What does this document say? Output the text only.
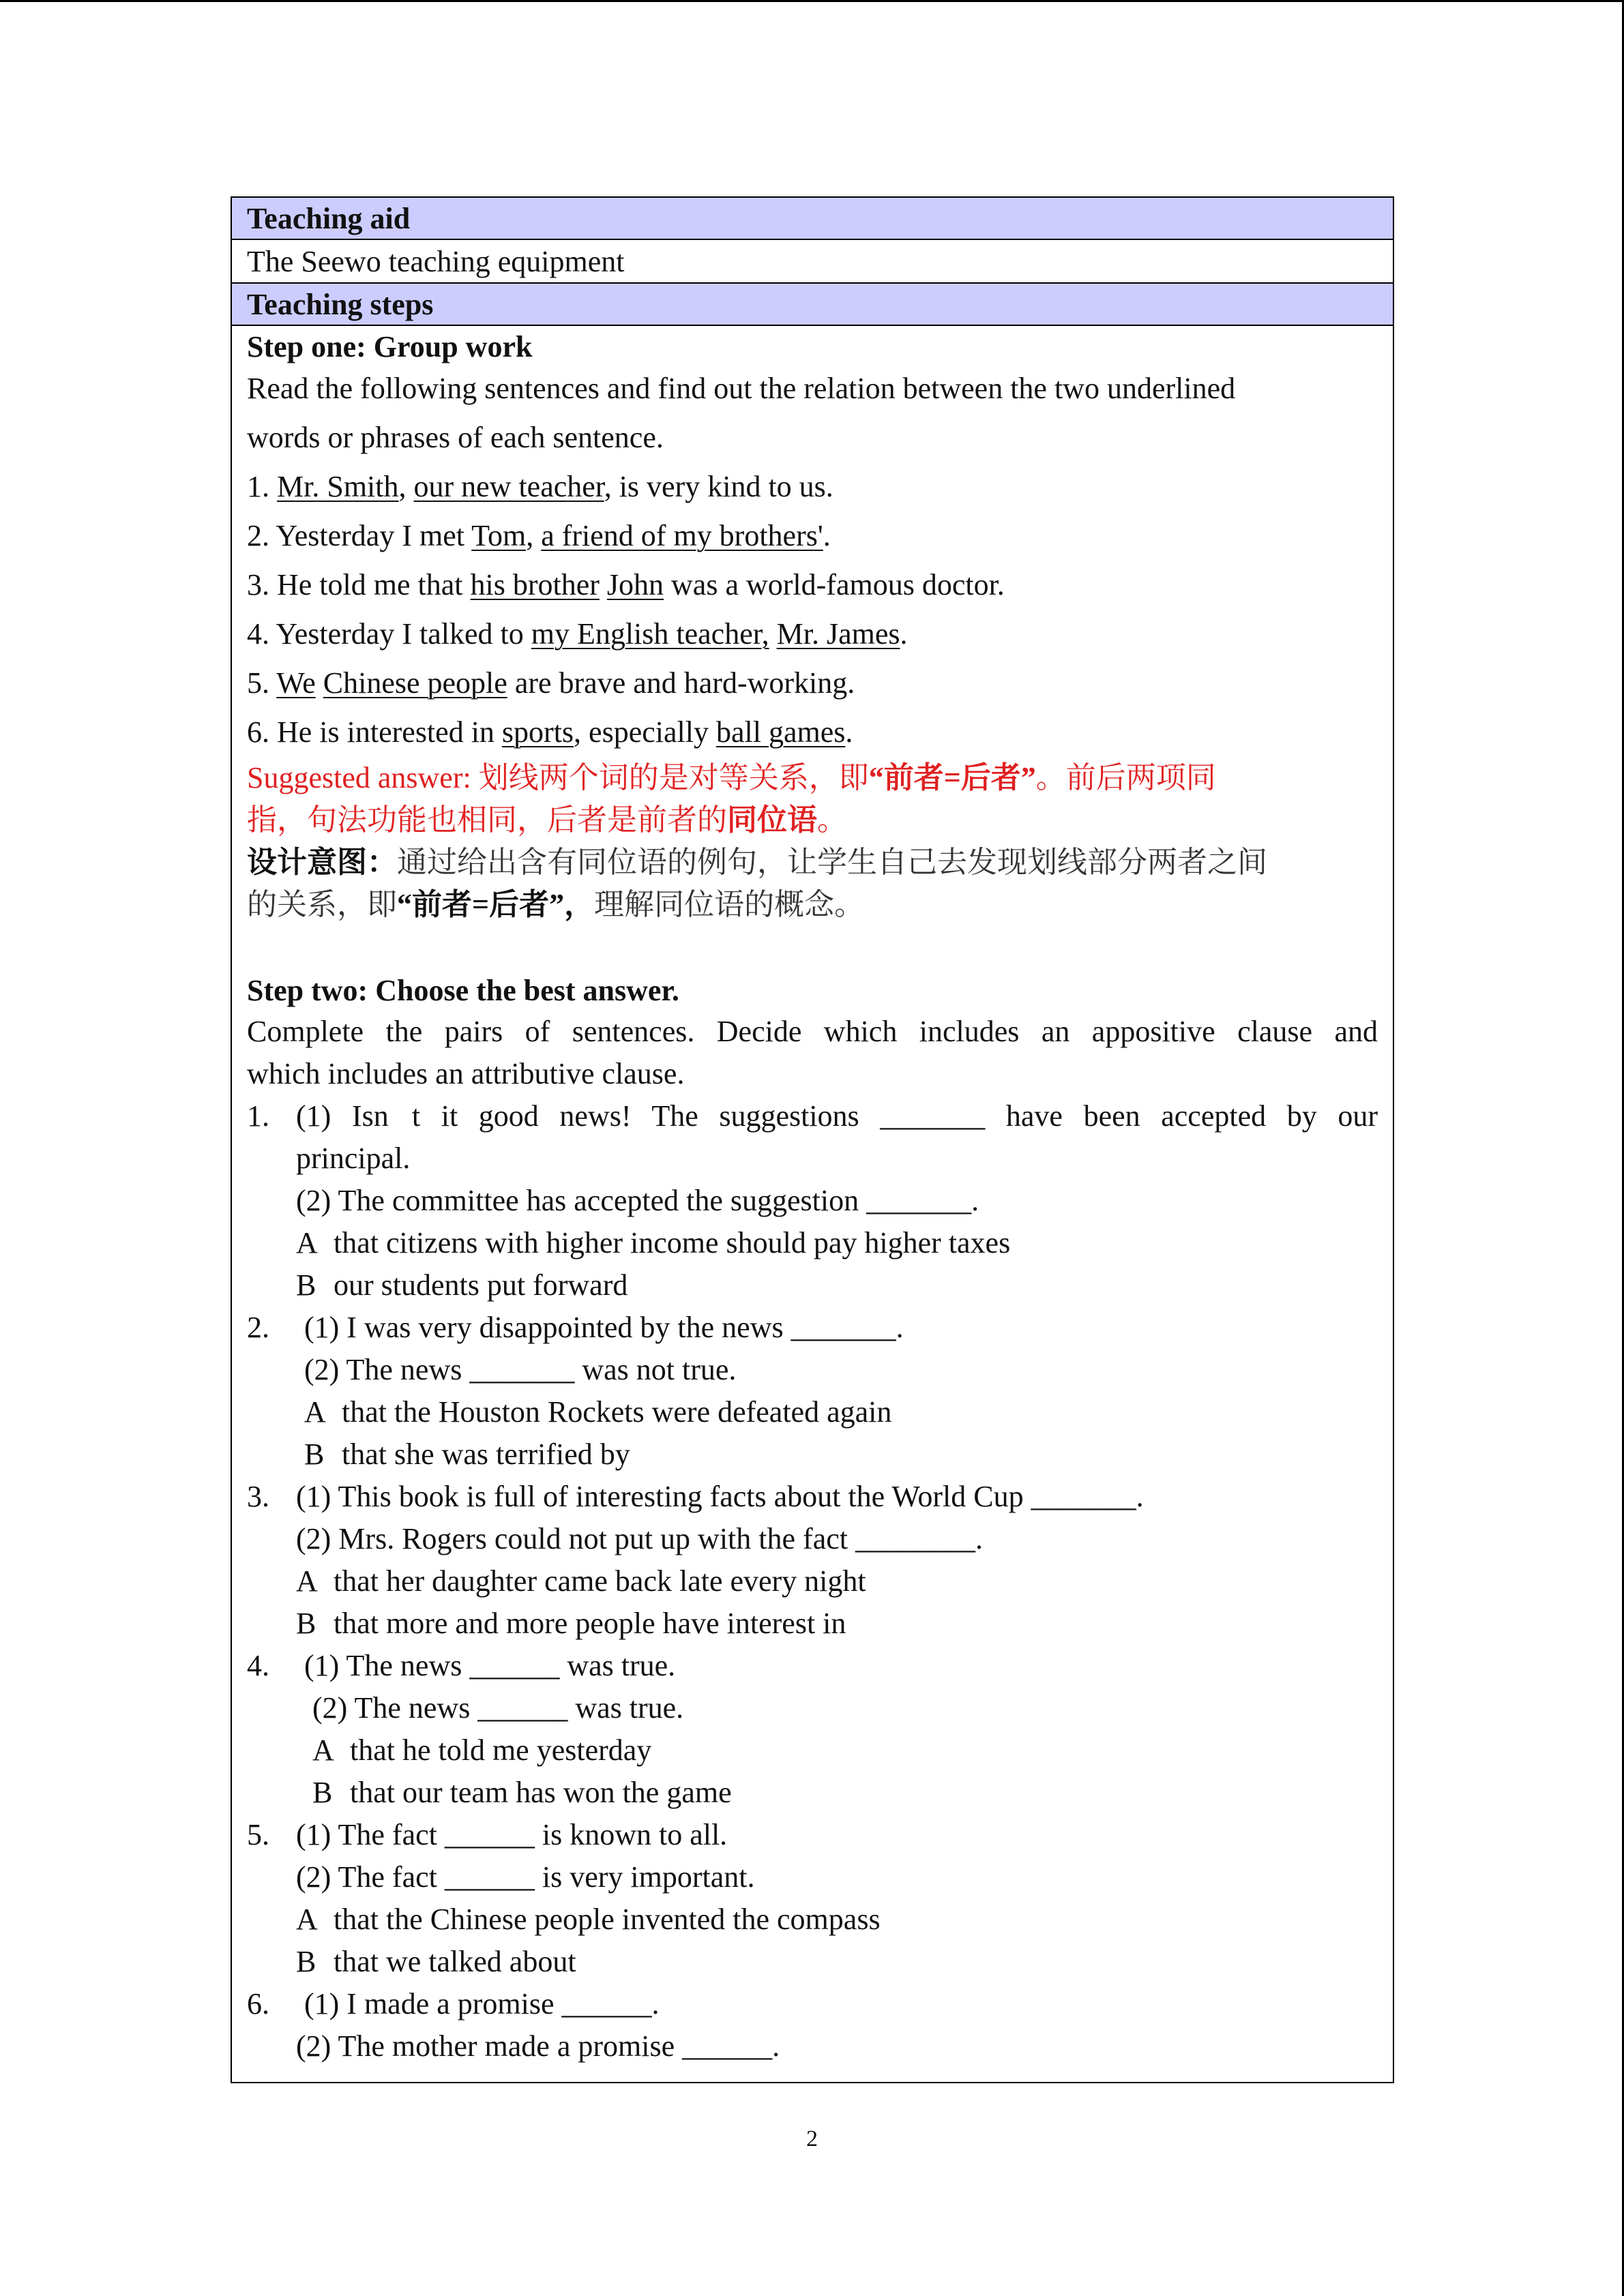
Teaching aid
The Seewo teaching equipment
Teaching steps
Step one: Group work
Read the following sentences and find out the relation between the two underlined
words or phrases of each sentence.
1. Mr. Smith, our new teacher, is very kind to us.
2. Yesterday I met Tom, a friend of my brothers'.
3. He told me that his brother John was a world-famous doctor.
4. Yesterday I talked to my English teacher, Mr. James.
5. We Chinese people are brave and hard-working.
6. He is interested in sports, especially ball games.
Suggested answer: 划线两个词的是对等关系，即“前者=后者”。前后两项同
指，句法功能也相同，后者是前者的同位语。
设计意图：通过给出含有同位语的例句，让学生自己去发现划线部分两者之间
的关系，即“前者=后者”，理解同位语的概念。
Step two: Choose the best answer.
Complete the pairs of sentences. Decide which includes an appositive clause and
which includes an attributive clause.
1. (1) Isn t it good news! The suggestions _______ have been accepted by our
principal.
(2) The committee has accepted the suggestion _______.
A that citizens with higher income should pay higher taxes
B our students put forward
2. (1) I was very disappointed by the news _______.
(2) The news _______ was not true.
A that the Houston Rockets were defeated again
B that she was terrified by
3. (1) This book is full of interesting facts about the World Cup _______.
(2) Mrs. Rogers could not put up with the fact ________.
A that her daughter came back late every night
B that more and more people have interest in
4. (1) The news ______ was true.
(2) The news ______ was true.
A that he told me yesterday
B that our team has won the game
5. (1) The fact ______ is known to all.
(2) The fact ______ is very important.
A that the Chinese people invented the compass
B that we talked about
6. (1) I made a promise ______.
(2) The mother made a promise ______.
2
